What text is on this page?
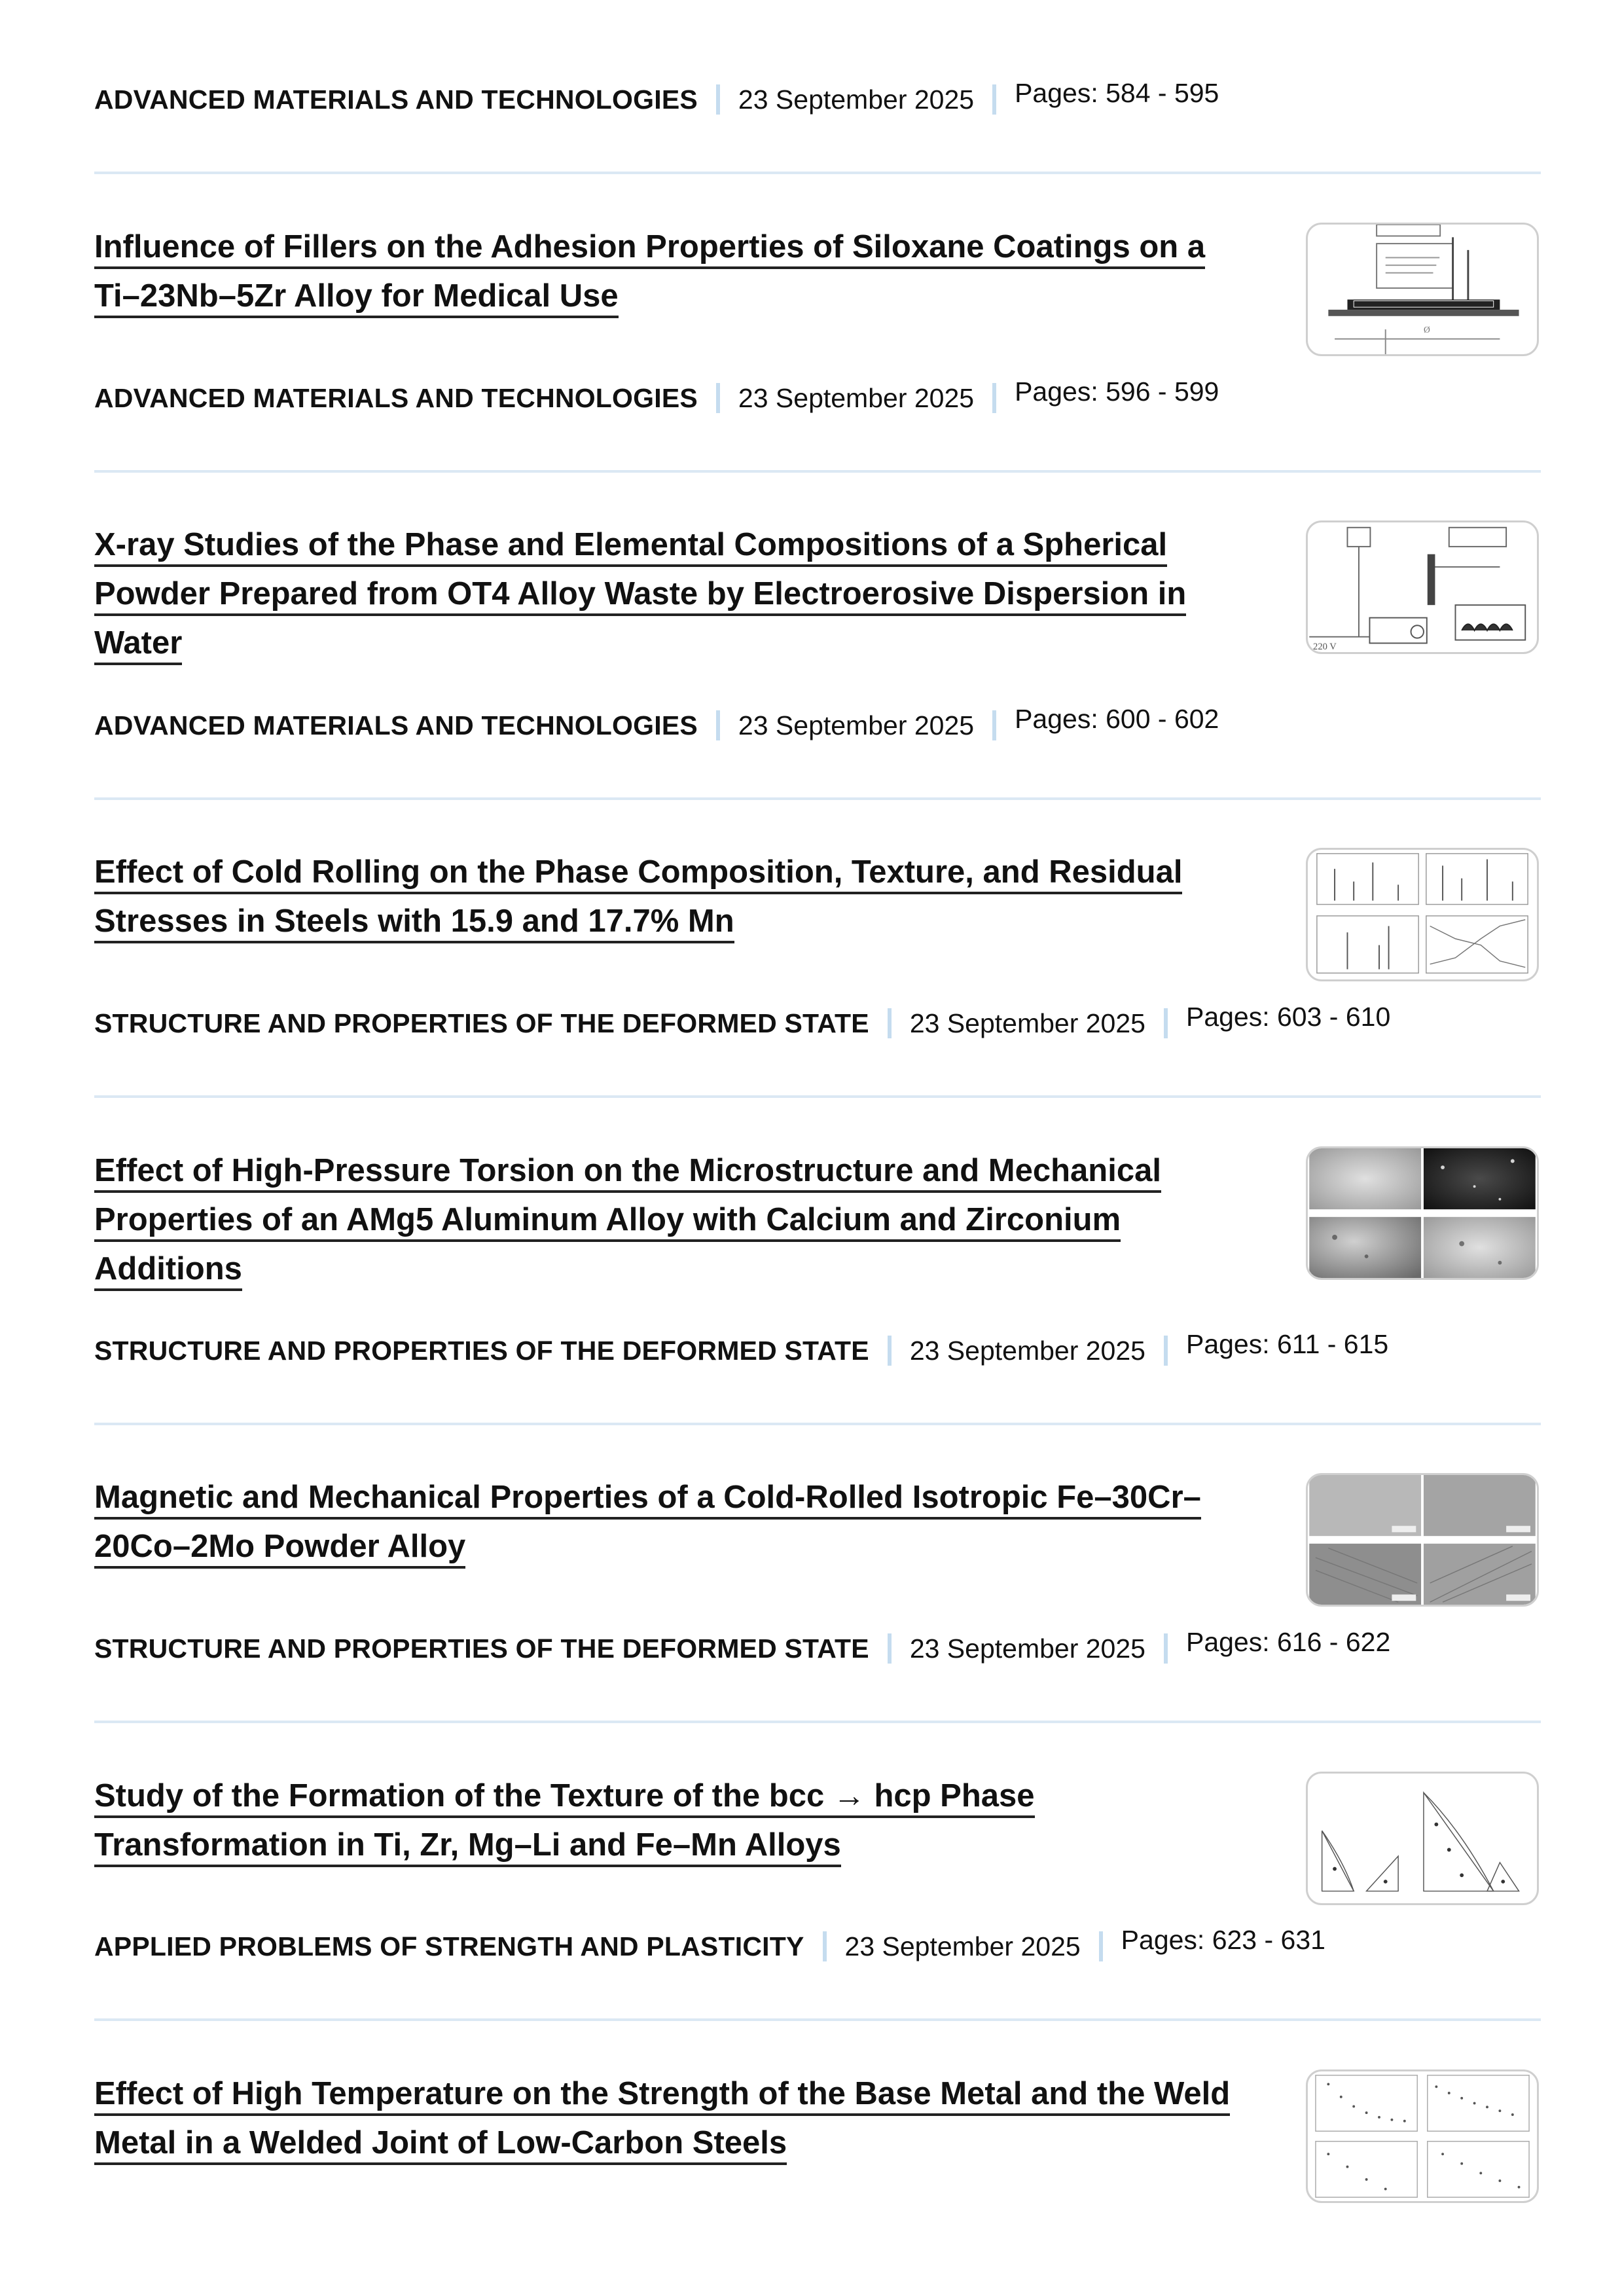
ADVANCED MATERIALS AND TECHNOLOGIES 23 September 2025 Pages: 584 - 595
Influence of Fillers on the Adhesion Properties of Siloxane Coatings on a Ti–23Nb–5Zr Alloy for Medical Use
Ø
ADVANCED MATERIALS AND TECHNOLOGIES 23 September 2025 Pages: 596 - 599
X-ray Studies of the Phase and Elemental Compositions of a Spherical Powder Prepared from OT4 Alloy Waste by Electroerosive Dispersion in Water	220 V
ADVANCED MATERIALS AND TECHNOLOGIES 23 September 2025 Pages: 600 - 602
Effect of Cold Rolling on the Phase Composition, Texture, and Residual Stresses in Steels with 15.9 and 17.7% Mn
STRUCTURE AND PROPERTIES OF THE DEFORMED STATE 23 September 2025 Pages: 603 - 610
Effect of High-Pressure Torsion on the Microstructure and Mechanical Properties of an AMg5 Aluminum Alloy with Calcium and Zirconium Additions
STRUCTURE AND PROPERTIES OF THE DEFORMED STATE 23 September 2025 Pages: 611 - 615
Magnetic and Mechanical Properties of a Cold-Rolled Isotropic Fe–30Cr–20Co–2Mo Powder Alloy
STRUCTURE AND PROPERTIES OF THE DEFORMED STATE 23 September 2025 Pages: 616 - 622
Study of the Formation of the Texture of the bcc → hcp Phase Transformation in Ti, Zr, Mg–Li and Fe–Mn Alloys
APPLIED PROBLEMS OF STRENGTH AND PLASTICITY 23 September 2025 Pages: 623 - 631
Effect of High Temperature on the Strength of the Base Metal and the Weld Metal in a Welded Joint of Low-Carbon Steels
